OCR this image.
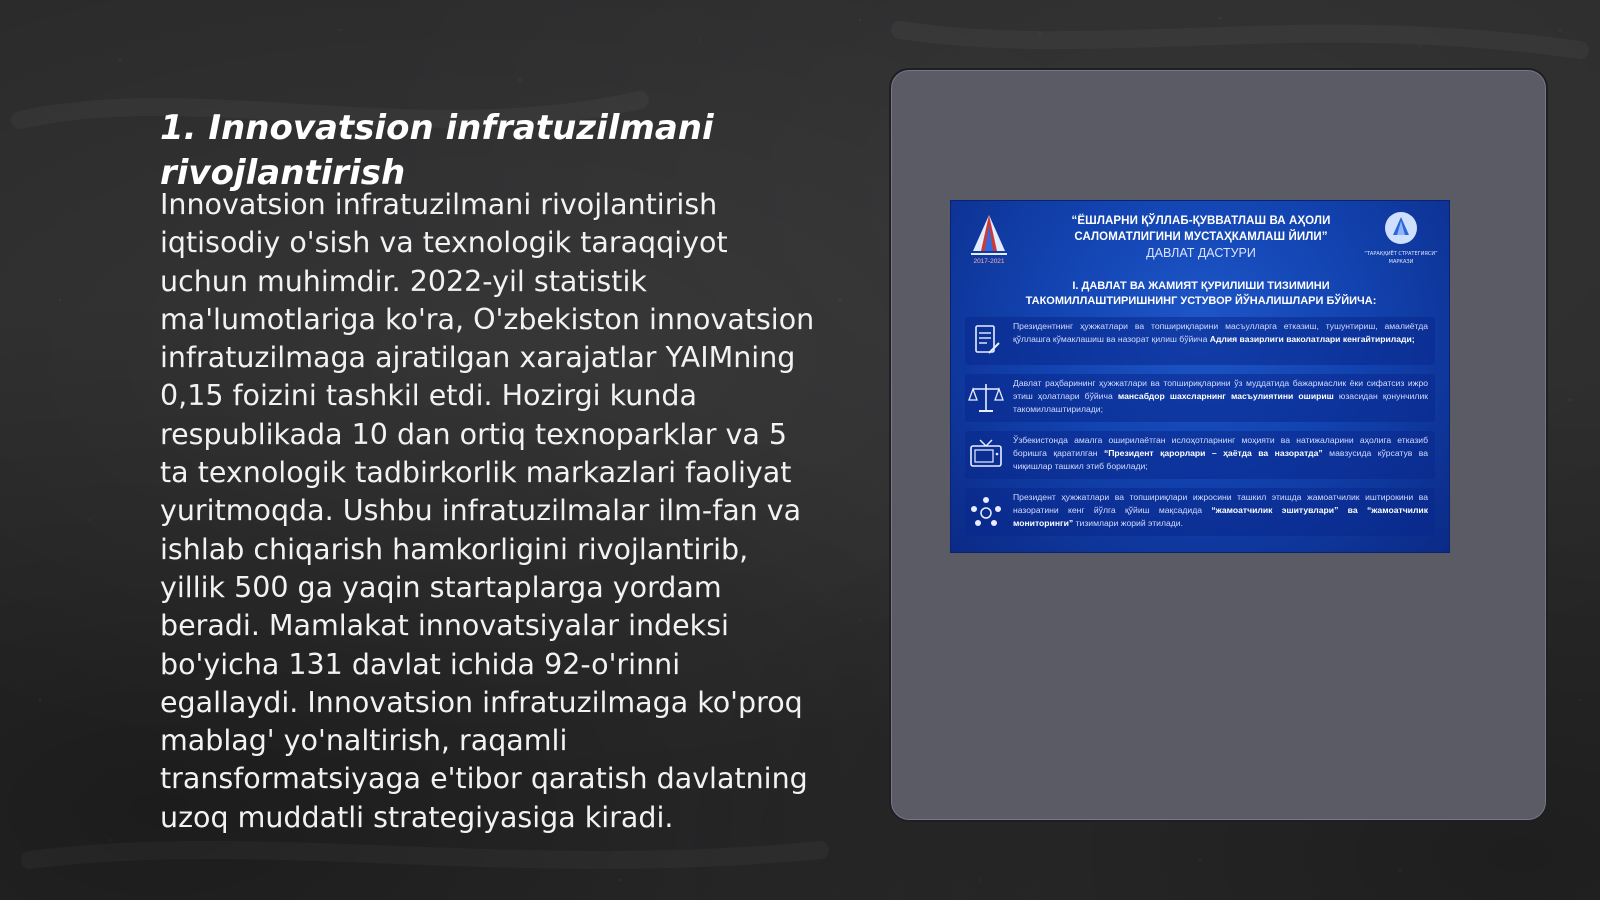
1. Innovatsion infratuzilmani rivojlantirish

Innovatsion infratuzilmani rivojlantirish iqtisodiy o'sish va texnologik taraqqiyot uchun muhimdir. 2022-yil statistik ma'lumotlariga ko'ra, O'zbekiston innovatsion infratuzilmaga ajratilgan xarajatlar YAIMning 0,15 foizini tashkil etdi. Hozirgi kunda respublikada 10 dan ortiq texnoparklar va 5 ta texnologik tadbirkorlik markazlari faoliyat yuritmoqda. Ushbu infratuzilmalar ilm-fan va ishlab chiqarish hamkorligini rivojlantirib, yillik 500 ga yaqin startaplarga yordam beradi. Mamlakat innovatsiyalar indeksi bo'yicha 131 davlat ichida 92-o'rinni egallaydi. Innovatsion infratuzilmaga ko'proq mablag' yo'naltirish, raqamli transformatsiyaga e'tibor qaratish davlatning uzoq muddatli strategiyasiga kiradi.

2017-2021
“ЁШЛАРНИ ҚЎЛЛАБ-ҚУВВАТЛАШ ВА АҲОЛИ
САЛОМАТЛИГИНИ МУСТАҲКАМЛАШ ЙИЛИ”
ДАВЛАТ ДАСТУРИ	“ТАРАҚҚИЁТ СТРАТЕГИЯСИ”
МАРКАЗИ
I. ДАВЛАТ ВА ЖАМИЯТ ҚУРИЛИШИ ТИЗИМИНИ
ТАКОМИЛЛАШТИРИШНИНГ УСТУВОР ЙЎНАЛИШЛАРИ БЎЙИЧА:
Президентнинг ҳужжатлари ва топшириқларини масъулларга етказиш, тушунтириш, амалиётда қўллашга кўмаклашиш ва назорат қилиш бўйича Адлия вазирлиги ваколатлари кенгайтирилади;
Давлат раҳбарининг ҳужжатлари ва топшириқларини ўз муддатида бажармаслик ёки сифатсиз ижро этиш ҳолатлари бўйича мансабдор шахсларнинг масъулиятини ошириш юзасидан қонунчилик такомиллаштирилади;
Ўзбекистонда амалга оширилаётган ислоҳотларнинг моҳияти ва натижаларини аҳолига етказиб боришга қаратилган “Президент қарорлари – ҳаётда ва назоратда” мавзусида кўрсатув ва чиқишлар ташкил этиб борилади;
Президент ҳужжатлари ва топшириқлари ижросини ташкил этишда жамоатчилик иштирокини ва назоратини кенг йўлга қўйиш мақсадида “жамоатчилик эшитувлари” ва “жамоатчилик мониторинги” тизимлари жорий этилади.
